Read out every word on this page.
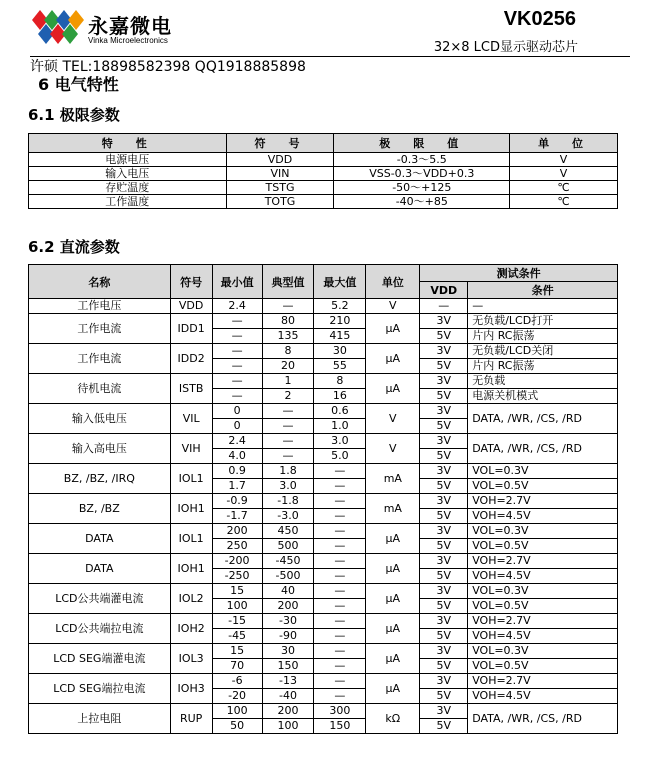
永嘉微电
Vinka Microelectronics
VK0256
32×8 LCD显示驱动芯片
许硕 TEL:18898582398 QQ1918885898
6 电气特性
6.1 极限参数
特　性	符　号	极　限　值	单　位
电源电压	VDD	-0.3～5.5	V
输入电压	VIN	VSS-0.3～VDD+0.3	V
存贮温度	TSTG	-50～+125	℃
工作温度	TOTG	-40～+85	℃
6.2 直流参数
名称	符号	最小值	典型值	最大值	单位	测试条件	
						VDD	条件
工作电压	VDD	2.4	—	5.2	V	—	—
工作电流	IDD1	—	80	210	μA	3V	无负载/LCD打开
		—	135	415		5V	片内 RC振荡
工作电流	IDD2	—	8	30	μA	3V	无负载/LCD关闭
		—	20	55		5V	片内 RC振荡
待机电流	ISTB	—	1	8	μA	3V	无负载
		—	2	16		5V	电源关机模式
输入低电压	VIL	0	—	0.6	V	3V	DATA, /WR, /CS, /RD
		0	—	1.0		5V	
输入高电压	VIH	2.4	—	3.0	V	3V	DATA, /WR, /CS, /RD
		4.0	—	5.0		5V	
BZ, /BZ, /IRQ	IOL1	0.9	1.8	—	mA	3V	VOL=0.3V
		1.7	3.0	—		5V	VOL=0.5V
BZ, /BZ	IOH1	-0.9	-1.8	—	mA	3V	VOH=2.7V
		-1.7	-3.0	—		5V	VOH=4.5V
DATA	IOL1	200	450	—	μA	3V	VOL=0.3V
		250	500	—		5V	VOL=0.5V
DATA	IOH1	-200	-450	—	μA	3V	VOH=2.7V
		-250	-500	—		5V	VOH=4.5V
LCD公共端灌电流	IOL2	15	40	—	μA	3V	VOL=0.3V
		100	200	—		5V	VOL=0.5V
LCD公共端拉电流	IOH2	-15	-30	—	μA	3V	VOH=2.7V
		-45	-90	—		5V	VOH=4.5V
LCD SEG端灌电流	IOL3	15	30	—	μA	3V	VOL=0.3V
		70	150	—		5V	VOL=0.5V
LCD SEG端拉电流	IOH3	-6	-13	—	μA	3V	VOH=2.7V
		-20	-40	—		5V	VOH=4.5V
上拉电阻	RUP	100	200	300	kΩ	3V	DATA, /WR, /CS, /RD
		50	100	150		5V	
